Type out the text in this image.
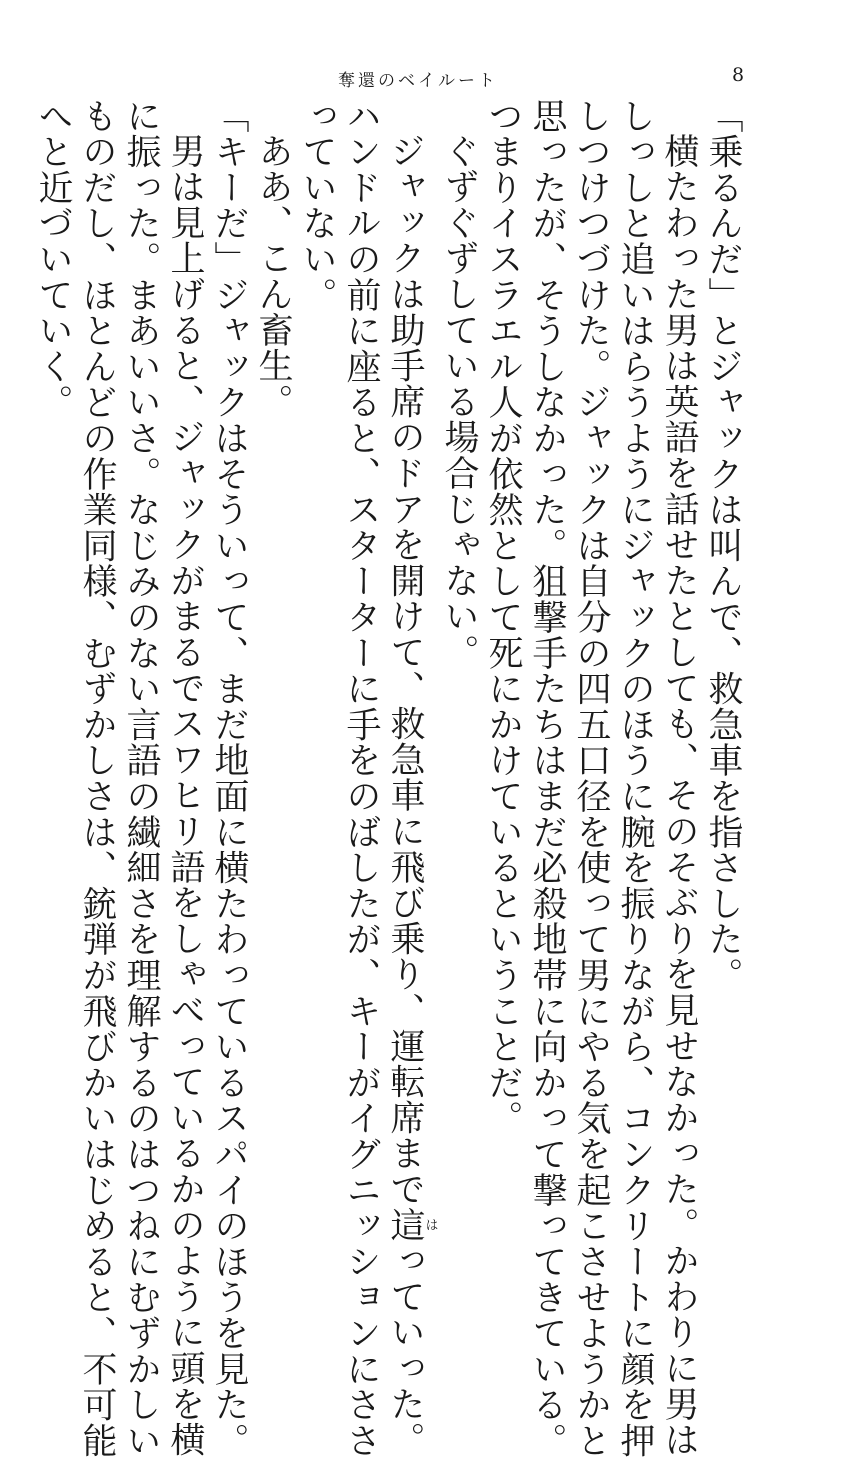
奪還のベイルート	8

「乗るんだ」とジャックは叫んで、救急車を指さした。

横たわった男は英語を話せたとしても、そのそぶりを見せなかった。かわりに男は

しっしと追いはらうようにジャックのほうに腕を振りながら、コンクリートに顔を押

しつけつづけた。ジャックは自分の四五口径を使って男にやる気を起こさせようかと

思ったが、そうしなかった。狙撃手たちはまだ必殺地帯に向かって撃ってきている。

つまりイスラエル人が依然として死にかけているということだ。

ぐずぐずしている場合じゃない。

ジャックは助手席のドアを開けて、救急車に飛び乗り、運転席まで這はっていった。

ハンドルの前に座ると、スターターに手をのばしたが、キーがイグニッションにささ

っていない。

ああ、こん畜生。

「キーだ」ジャックはそういって、まだ地面に横たわっているスパイのほうを見た。

男は見上げると、ジャックがまるでスワヒリ語をしゃべっているかのように頭を横

に振った。まあいいさ。なじみのない言語の繊細さを理解するのはつねにむずかしい

ものだし、ほとんどの作業同様、むずかしさは、銃弾が飛びかいはじめると、不可能

へと近づいていく。
